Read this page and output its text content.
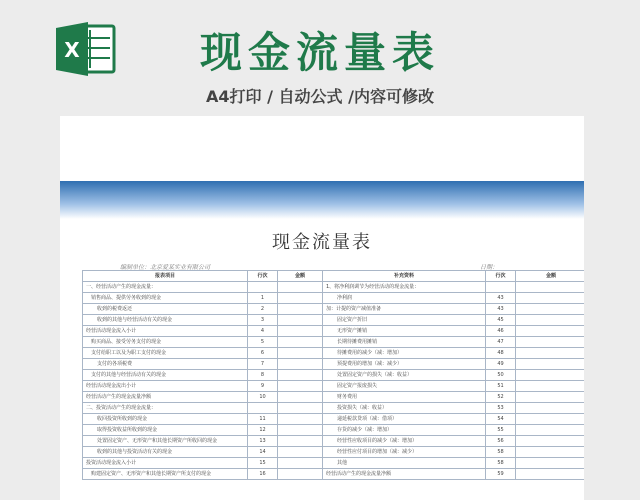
X	现金流量表
A4打印 / 自动公式 /内容可修改
现金流量表
编制单位：北京爱某实业有限公司	日期：
报表项目	行次	金额	补充资料	行次	金额
一、经营活动产生的现金流量：			1、将净利润调节为经营活动的现金流量：		
销售商品、提供劳务收到的现金	1		净利润	43	
收到的税费返还	2		加：计提的资产减值准备	43	
收到的其他与经营活动有关的现金	3		固定资产折旧	45	
经营活动现金流入小计	4		无形资产摊销	46	
购买商品、接受劳务支付的现金	5		长期待摊费用摊销	47	
支付给职工以及为职工支付的现金	6		待摊费用的减少（减：增加）	48	
支付的各项税费	7		预提费用的增加（减：减少）	49	
支付的其他与经营活动有关的现金	8		处置固定资产的损失（减：收益）	50	
经营活动现金流出小计	9		固定资产报废损失	51	
经营活动产生的现金流量净额	10		财务费用	52	
二、投资活动产生的现金流量：			投资损失（减：收益）	53	
收回投资所收到的现金	11		递延税款贷项（减：借项）	54	
取得投资收益所收到的现金	12		存货的减少（减：增加）	55	
处置固定资产、无形资产和其他长期资产所收回的现金	13		经营性应收项目的减少（减：增加）	56	
收到的其他与投资活动有关的现金	14		经营性应付项目的增加（减：减少）	58	
投资活动现金流入小计	15		其他	58	
购建固定资产、无形资产和其他长期资产所支付的现金	16		经营活动产生的现金流量净额	59	
